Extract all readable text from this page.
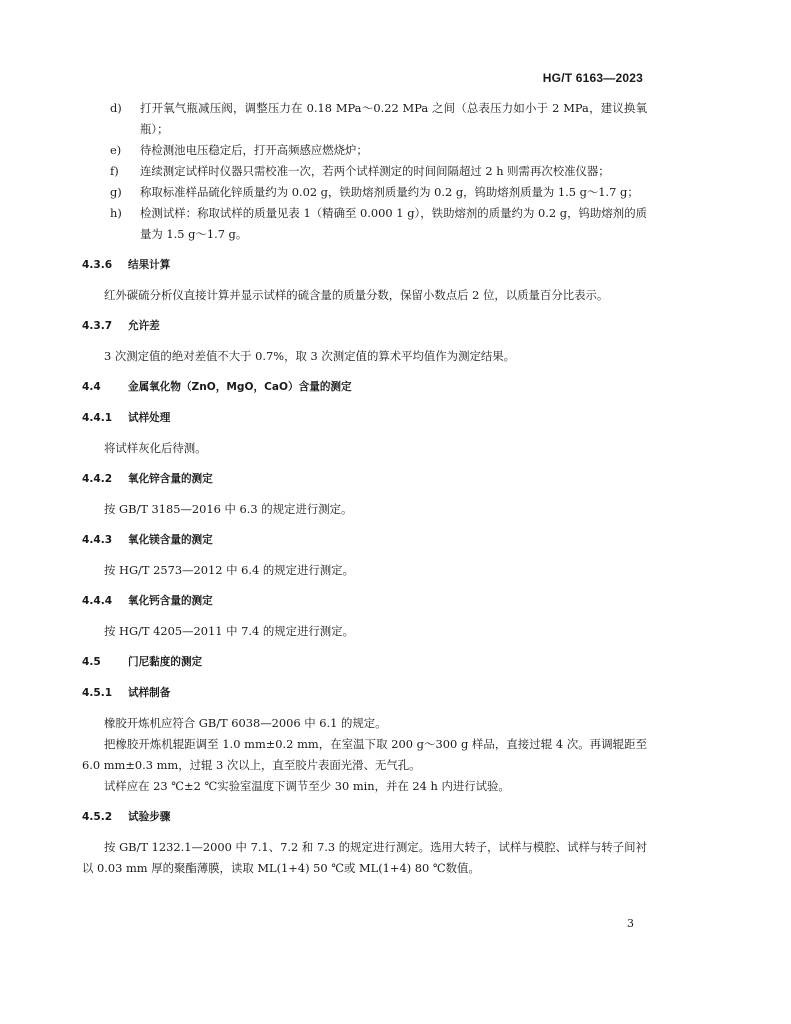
HG/T 6163—2023
d)	打开氧气瓶减压阀，调整压力在 0.18 MPa～0.22 MPa 之间（总表压力如小于 2 MPa，建议换氧瓶）；
e)	待检测池电压稳定后，打开高频感应燃烧炉；
f)	连续测定试样时仪器只需校准一次，若两个试样测定的时间间隔超过 2 h 则需再次校准仪器；
g)	称取标准样品硫化锌质量约为 0.02 g，铁助熔剂质量约为 0.2 g，钨助熔剂质量为 1.5 g～1.7 g；
h)	检测试样：称取试样的质量见表 1（精确至 0.000 1 g），铁助熔剂的质量约为 0.2 g，钨助熔剂的质量为 1.5 g～1.7 g。
4.3.6 结果计算

红外碳硫分析仪直接计算并显示试样的硫含量的质量分数，保留小数点后 2 位，以质量百分比表示。

4.3.7 允许差

3 次测定值的绝对差值不大于 0.7%，取 3 次测定值的算术平均值作为测定结果。

4.4	金属氧化物（ZnO，MgO，CaO）含量的测定
4.4.1 试样处理

将试样灰化后待测。

4.4.2 氧化锌含量的测定

按 GB/T 3185—2016 中 6.3 的规定进行测定。

4.4.3 氧化镁含量的测定

按 HG/T 2573—2012 中 6.4 的规定进行测定。

4.4.4 氧化钙含量的测定

按 HG/T 4205—2011 中 7.4 的规定进行测定。

4.5	门尼黏度的测定
4.5.1 试样制备

橡胶开炼机应符合 GB/T 6038—2006 中 6.1 的规定。

把橡胶开炼机辊距调至 1.0 mm±0.2 mm，在室温下取 200 g～300 g 样品，直接过辊 4 次。再调辊距至 6.0 mm±0.3 mm，过辊 3 次以上，直至胶片表面光滑、无气孔。

试样应在 23 ℃±2 ℃实验室温度下调节至少 30 min，并在 24 h 内进行试验。

4.5.2 试验步骤

按 GB/T 1232.1—2000 中 7.1、7.2 和 7.3 的规定进行测定。选用大转子，试样与模腔、试样与转子间衬以 0.03 mm 厚的聚酯薄膜，读取 ML(1+4) 50 ℃或 ML(1+4) 80 ℃数值。

3
